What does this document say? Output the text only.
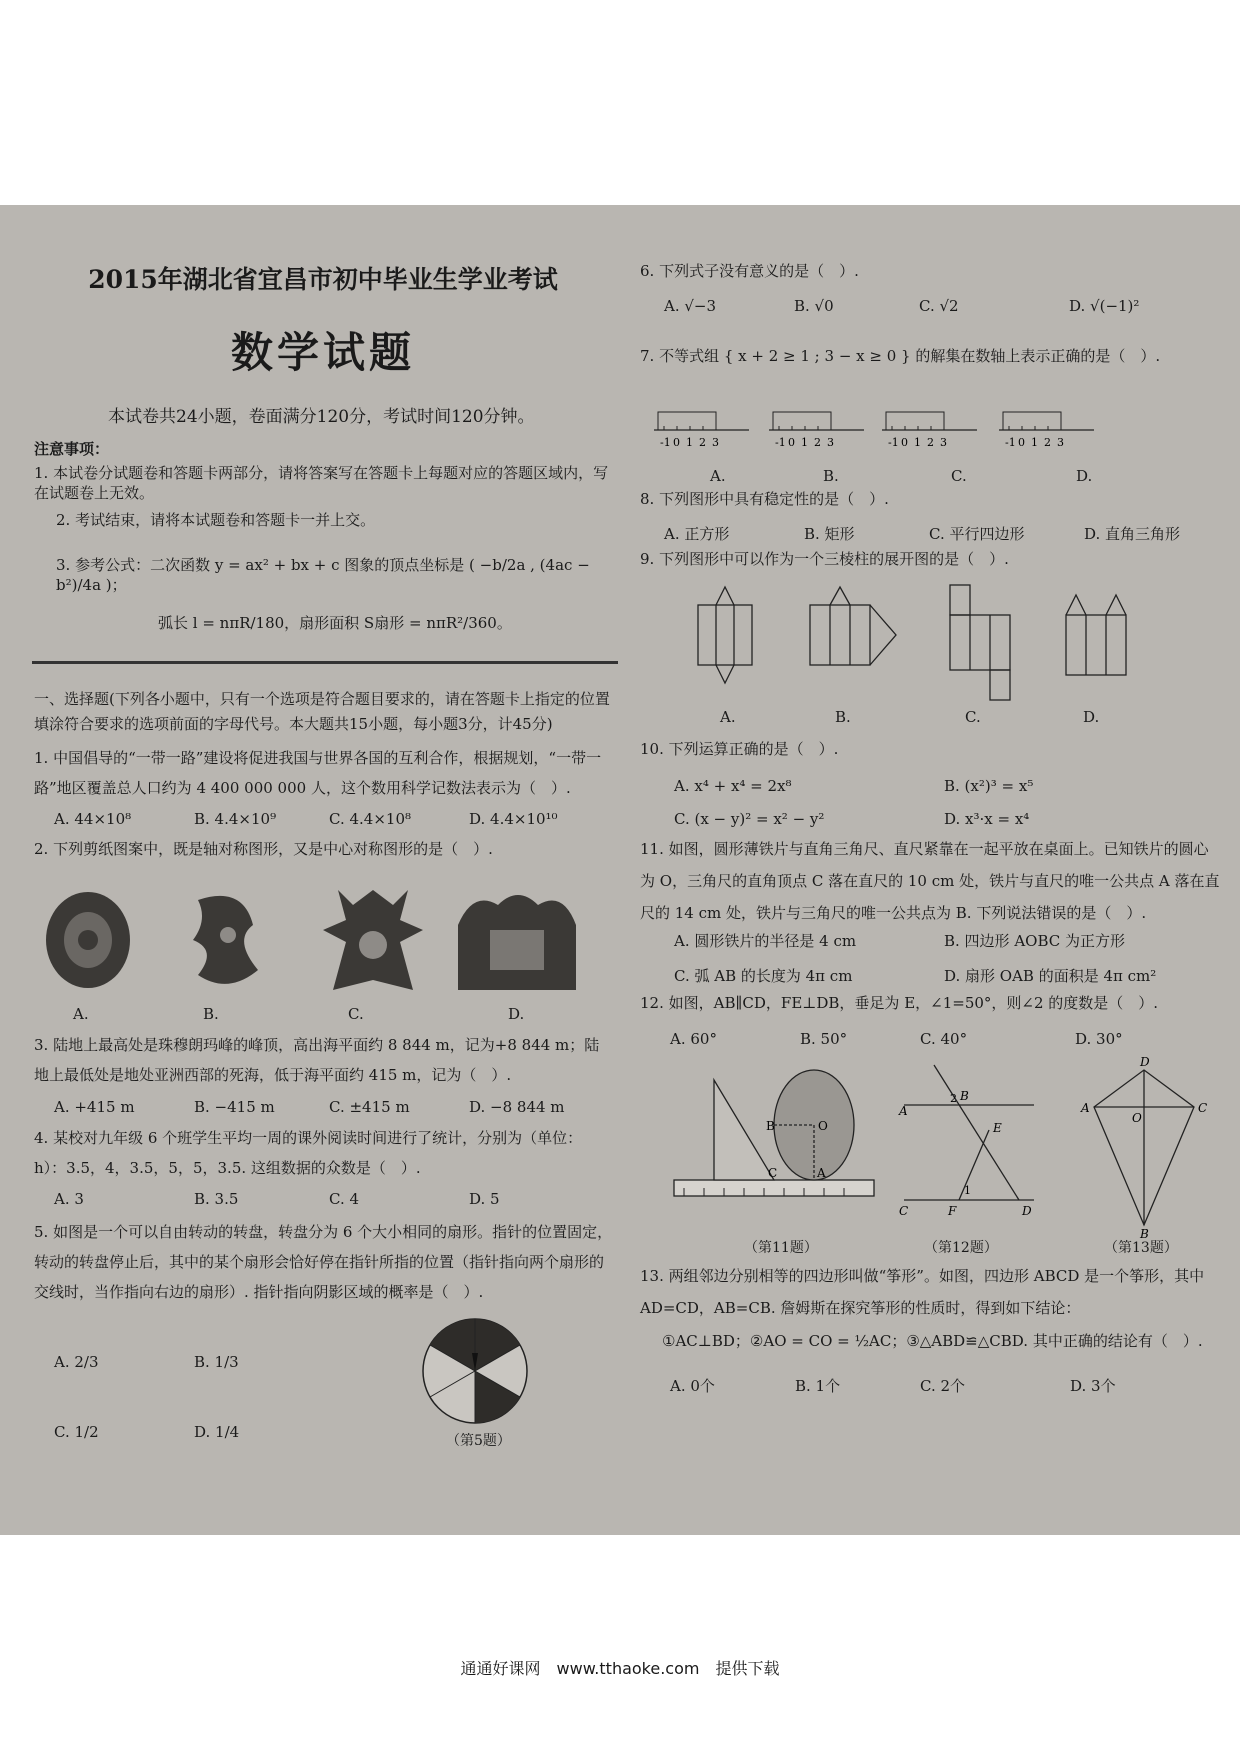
2015年湖北省宜昌市初中毕业生学业考试
数学试题
本试卷共24小题，卷面满分120分，考试时间120分钟。
注意事项：
1. 本试卷分试题卷和答题卡两部分，请将答案写在答题卡上每题对应的答题区域内，写在试题卷上无效。
2. 考试结束，请将本试题卷和答题卡一并上交。
3. 参考公式：二次函数 y = ax² + bx + c 图象的顶点坐标是 ( −b/2a , (4ac − b²)/4a )；
弧长 l = nπR/180，扇形面积 S扇形 = nπR²/360。
一、选择题(下列各小题中，只有一个选项是符合题目要求的，请在答题卡上指定的位置填涂符合要求的选项前面的字母代号。本大题共15小题，每小题3分，计45分)
1. 中国倡导的“一带一路”建设将促进我国与世界各国的互利合作，根据规划，“一带一路”地区覆盖总人口约为 4 400 000 000 人，这个数用科学记数法表示为（　）.
A. 44×10⁸	B. 4.4×10⁹	C. 4.4×10⁸	D. 4.4×10¹⁰
2. 下列剪纸图案中，既是轴对称图形，又是中心对称图形的是（　）.
A.	B.	C.	D.
3. 陆地上最高处是珠穆朗玛峰的峰顶，高出海平面约 8 844 m，记为+8 844 m；陆地上最低处是地处亚洲西部的死海，低于海平面约 415 m，记为（　）.
A. +415 m	B. −415 m	C. ±415 m	D. −8 844 m
4. 某校对九年级 6 个班学生平均一周的课外阅读时间进行了统计，分别为（单位：h）：3.5，4，3.5，5，5，3.5. 这组数据的众数是（　）.
A. 3	B. 3.5	C. 4	D. 5
5. 如图是一个可以自由转动的转盘，转盘分为 6 个大小相同的扇形。指针的位置固定，转动的转盘停止后，其中的某个扇形会恰好停在指针所指的位置（指针指向两个扇形的交线时，当作指向右边的扇形）. 指针指向阴影区域的概率是（　）.
A. 2/3	B. 1/3
C. 1/2	D. 1/4	（第5题）
6. 下列式子没有意义的是（　）.
A. √−3	B. √0	C. √2	D. √(−1)²
7. 不等式组 { x + 2 ≥ 1 ; 3 − x ≥ 0 } 的解集在数轴上表示正确的是（　）.
-1 0 1 2 3	-1 0 1 2 3	-1 0 1 2 3	-1 0 1 2 3
A.	B.	C.	D.
8. 下列图形中具有稳定性的是（　）.
A. 正方形	B. 矩形	C. 平行四边形	D. 直角三角形
9. 下列图形中可以作为一个三棱柱的展开图的是（　）.
A.	B.	C.	D.
10. 下列运算正确的是（　）.
A. x⁴ + x⁴ = 2x⁸	B. (x²)³ = x⁵
C. (x − y)² = x² − y²	D. x³·x = x⁴
11. 如图，圆形薄铁片与直角三角尺、直尺紧靠在一起平放在桌面上。已知铁片的圆心为 O，三角尺的直角顶点 C 落在直尺的 10 cm 处，铁片与直尺的唯一公共点 A 落在直尺的 14 cm 处，铁片与三角尺的唯一公共点为 B. 下列说法错误的是（　）.
A. 圆形铁片的半径是 4 cm	B. 四边形 AOBC 为正方形
C. 弧 AB 的长度为 4π cm	D. 扇形 OAB 的面积是 4π cm²
12. 如图，AB∥CD，FE⊥DB，垂足为 E，∠1=50°，则∠2 的度数是（　）.
A. 60°	B. 50°	C. 40°	D. 30°
B	O
C	A
A
B
C	D
E
F
1
2
A
B
C
D
O
（第11题）	（第12题）	（第13题）
13. 两组邻边分别相等的四边形叫做“筝形”。如图，四边形 ABCD 是一个筝形，其中 AD=CD，AB=CB. 詹姆斯在探究筝形的性质时，得到如下结论：
①AC⊥BD；②AO = CO = ½AC；③△ABD≌△CBD. 其中正确的结论有（　）.
A. 0个	B. 1个	C. 2个	D. 3个
通通好课网　www.tthaoke.com　提供下载
